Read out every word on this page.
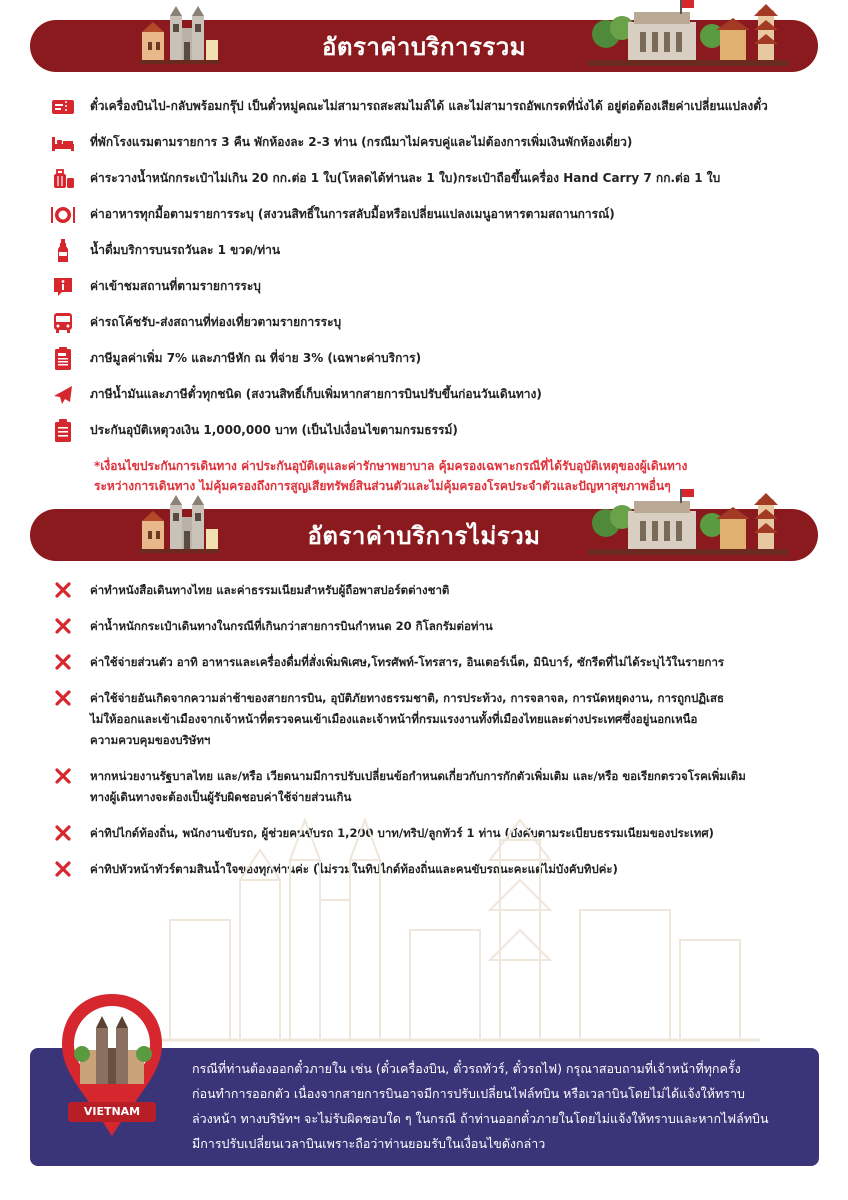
อัตราค่าบริการรวม
ตั๋วเครื่องบินไป-กลับพร้อมกรุ๊ป เป็นตั๋วหมู่คณะไม่สามารถสะสมไมล์ได้ และไม่สามารถอัพเกรดที่นั่งได้ อยู่ต่อต้องเสียค่าเปลี่ยนแปลงตั๋ว
ที่พักโรงแรมตามรายการ 3 คืน พักห้องละ 2-3 ท่าน (กรณีมาไม่ครบคู่และไม่ต้องการเพิ่มเงินพักห้องเดี่ยว)
ค่าระวางน้ำหนักกระเป๋าไม่เกิน 20 กก.ต่อ 1 ใบ(โหลดได้ท่านละ 1 ใบ)กระเป๋าถือขึ้นเครื่อง Hand Carry 7 กก.ต่อ 1 ใบ
ค่าอาหารทุกมื้อตามรายการระบุ (สงวนสิทธิ์ในการสลับมื้อหรือเปลี่ยนแปลงเมนูอาหารตามสถานการณ์)
น้ำดื่มบริการบนรถวันละ 1 ขวด/ท่าน
ค่าเข้าชมสถานที่ตามรายการระบุ
ค่ารถโค้ชรับ-ส่งสถานที่ท่องเที่ยวตามรายการระบุ
ภาษีมูลค่าเพิ่ม 7% และภาษีหัก ณ ที่จ่าย 3% (เฉพาะค่าบริการ)
ภาษีน้ำมันและภาษีตั๋วทุกชนิด (สงวนสิทธิ์เก็บเพิ่มหากสายการบินปรับขึ้นก่อนวันเดินทาง)
ประกันอุบัติเหตุวงเงิน 1,000,000 บาท (เป็นไปเงื่อนไขตามกรมธรรม์)
*เงื่อนไขประกันการเดินทาง ค่าประกันอุบัติเตุและค่ารักษาพยาบาล คุ้มครองเฉพาะกรณีที่ได้รับอุบัติเหตุของผู้เดินทาง
ระหว่างการเดินทาง ไม่คุ้มครองถึงการสูญเสียทรัพย์สินส่วนตัวและไม่คุ้มครองโรคประจำตัวและปัญหาสุขภาพอื่นๆ
อัตราค่าบริการไม่รวม
ค่าทำหนังสือเดินทางไทย และค่าธรรมเนียมสำหรับผู้ถือพาสปอร์ตต่างชาติ
ค่าน้ำหนักกระเป๋าเดินทางในกรณีที่เกินกว่าสายการบินกำหนด 20 กิโลกรัมต่อท่าน
ค่าใช้จ่ายส่วนตัว อาทิ อาหารและเครื่องดื่มที่สั่งเพิ่มพิเศษ,โทรศัพท์-โทรสาร, อินเตอร์เน็ต, มินิบาร์, ซักรีดที่ไม่ได้ระบุไว้ในรายการ
ค่าใช้จ่ายอันเกิดจากความล่าช้าของสายการบิน, อุบัติภัยทางธรรมชาติ, การประท้วง, การจลาจล, การนัดหยุดงาน, การถูกปฏิเสธ
ไม่ให้ออกและเข้าเมืองจากเจ้าหน้าที่ตรวจคนเข้าเมืองและเจ้าหน้าที่กรมแรงงานทั้งที่เมืองไทยและต่างประเทศซึ่งอยู่นอกเหนือ
ความควบคุมของบริษัทฯ
หากหน่วยงานรัฐบาลไทย และ/หรือ เวียดนามมีการปรับเปลี่ยนข้อกำหนดเกี่ยวกับการกักตัวเพิ่มเติม และ/หรือ ขอเรียกตรวจโรคเพิ่มเติม
ทางผู้เดินทางจะต้องเป็นผู้รับผิดชอบค่าใช้จ่ายส่วนเกิน
ค่าทิปไกด์ท้องถิ่น, พนักงานขับรถ, ผู้ช่วยคนขับรถ 1,200 บาท/ทริป/ลูกทัวร์ 1 ท่าน (บังคับตามระเบียบธรรมเนียมของประเทศ)
ค่าทิปหัวหน้าทัวร์ตามสินน้ำใจของทุกท่านค่ะ (ไม่รวมในทิปไกด์ท้องถิ่นและคนขับรถนะคะแต่ไม่บังคับทิปค่ะ)

กรณีที่ท่านต้องออกตั๋วภายใน เช่น (ตั๋วเครื่องบิน, ตั๋วรถทัวร์, ตั๋วรถไฟ) กรุณาสอบถามที่เจ้าหน้าที่ทุกครั้ง
ก่อนทำการออกตัว เนื่องจากสายการบินอาจมีการปรับเปลี่ยนไฟล์ทบิน หรือเวลาบินโดยไม่ได้แจ้งให้ทราบ
ล่วงหน้า ทางบริษัทฯ จะไม่รับผิดชอบใด ๆ ในกรณี ถ้าท่านออกตั๋วภายในโดยไม่แจ้งให้ทราบและหากไฟล์ทบิน
มีการปรับเปลี่ยนเวลาบินเพราะถือว่าท่านยอมรับในเงื่อนไขดังกล่าว

VIETNAM
